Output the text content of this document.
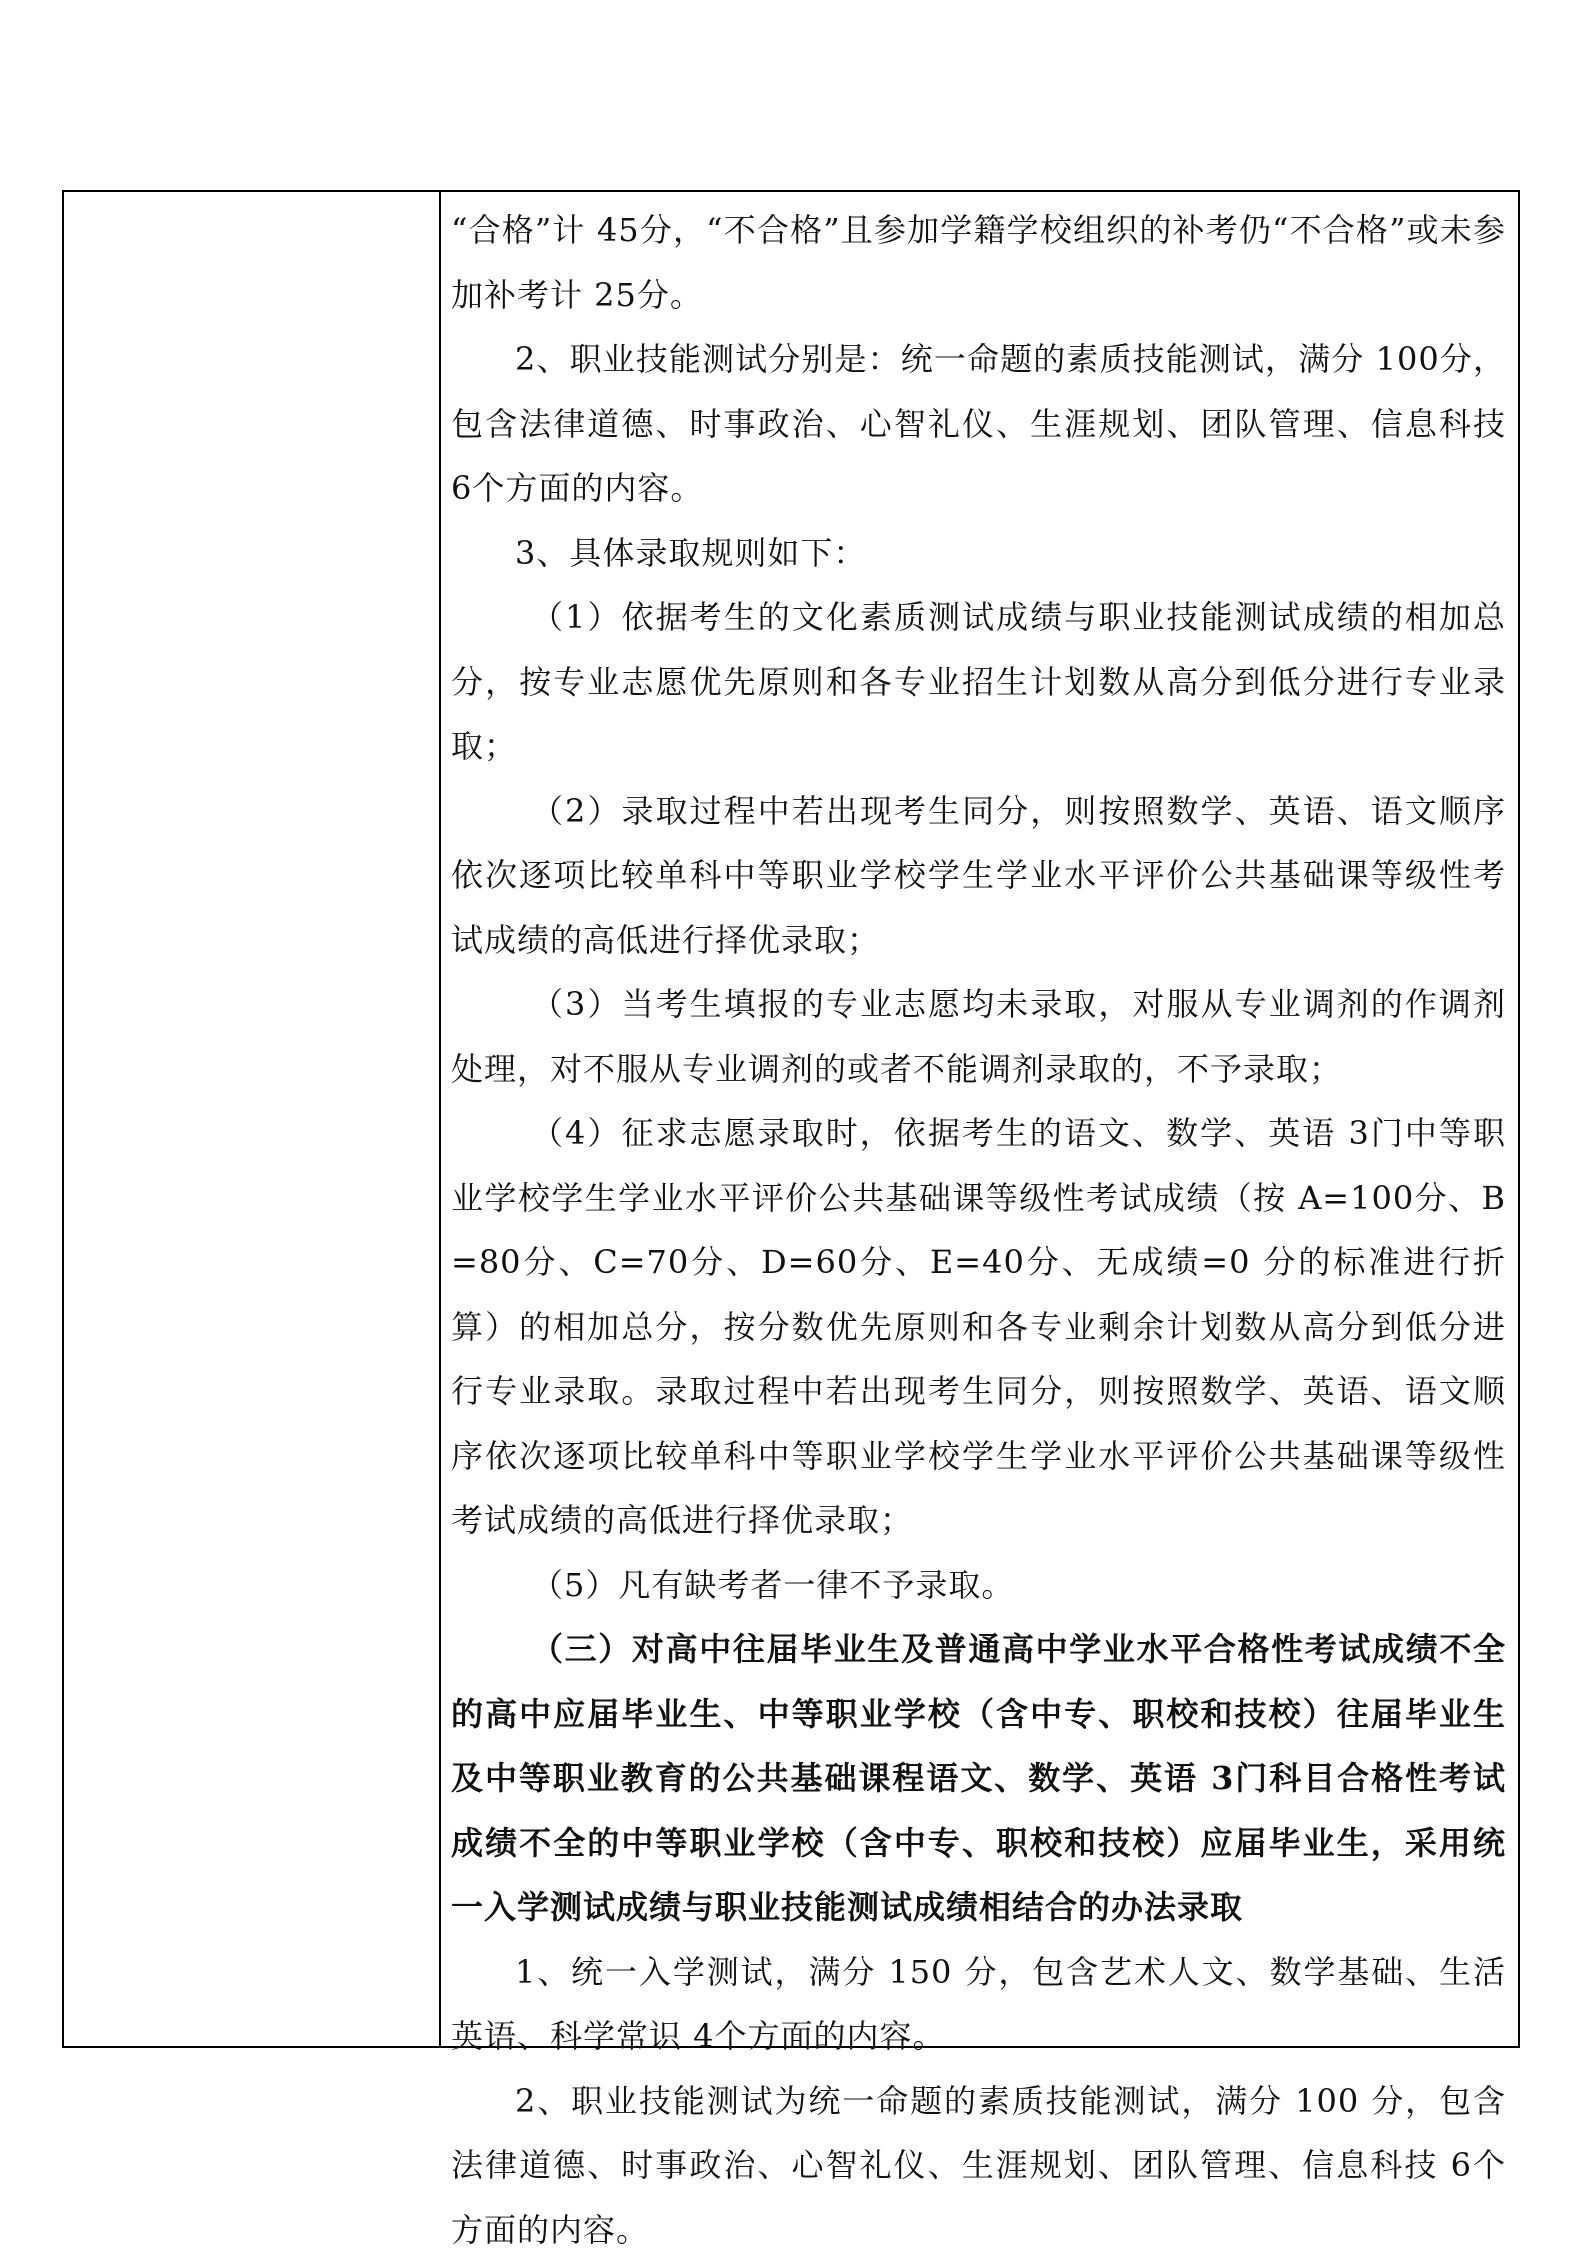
“合格”计 45分，“不合格”且参加学籍学校组织的补考仍“不合格”或未参加补考计 25分。

2、职业技能测试分别是：统一命题的素质技能测试，满分 100分，包含法律道德、时事政治、心智礼仪、生涯规划、团队管理、信息科技 6个方面的内容。

3、具体录取规则如下：

（1）依据考生的文化素质测试成绩与职业技能测试成绩的相加总分，按专业志愿优先原则和各专业招生计划数从高分到低分进行专业录取；

（2）录取过程中若出现考生同分，则按照数学、英语、语文顺序依次逐项比较单科中等职业学校学生学业水平评价公共基础课等级性考试成绩的高低进行择优录取；

（3）当考生填报的专业志愿均未录取，对服从专业调剂的作调剂处理，对不服从专业调剂的或者不能调剂录取的，不予录取；

（4）征求志愿录取时，依据考生的语文、数学、英语 3门中等职业学校学生学业水平评价公共基础课等级性考试成绩（按 A=100分、B=80分、C=70分、D=60分、E=40分、无成绩=0 分的标准进行折算）的相加总分，按分数优先原则和各专业剩余计划数从高分到低分进行专业录取。录取过程中若出现考生同分，则按照数学、英语、语文顺序依次逐项比较单科中等职业学校学生学业水平评价公共基础课等级性考试成绩的高低进行择优录取；

（5）凡有缺考者一律不予录取。

（三）对高中往届毕业生及普通高中学业水平合格性考试成绩不全的高中应届毕业生、中等职业学校（含中专、职校和技校）往届毕业生及中等职业教育的公共基础课程语文、数学、英语 3门科目合格性考试成绩不全的中等职业学校（含中专、职校和技校）应届毕业生，采用统一入学测试成绩与职业技能测试成绩相结合的办法录取

1、统一入学测试，满分 150 分，包含艺术人文、数学基础、生活英语、科学常识 4个方面的内容。

2、职业技能测试为统一命题的素质技能测试，满分 100 分，包含法律道德、时事政治、心智礼仪、生涯规划、团队管理、信息科技 6个方面的内容。
